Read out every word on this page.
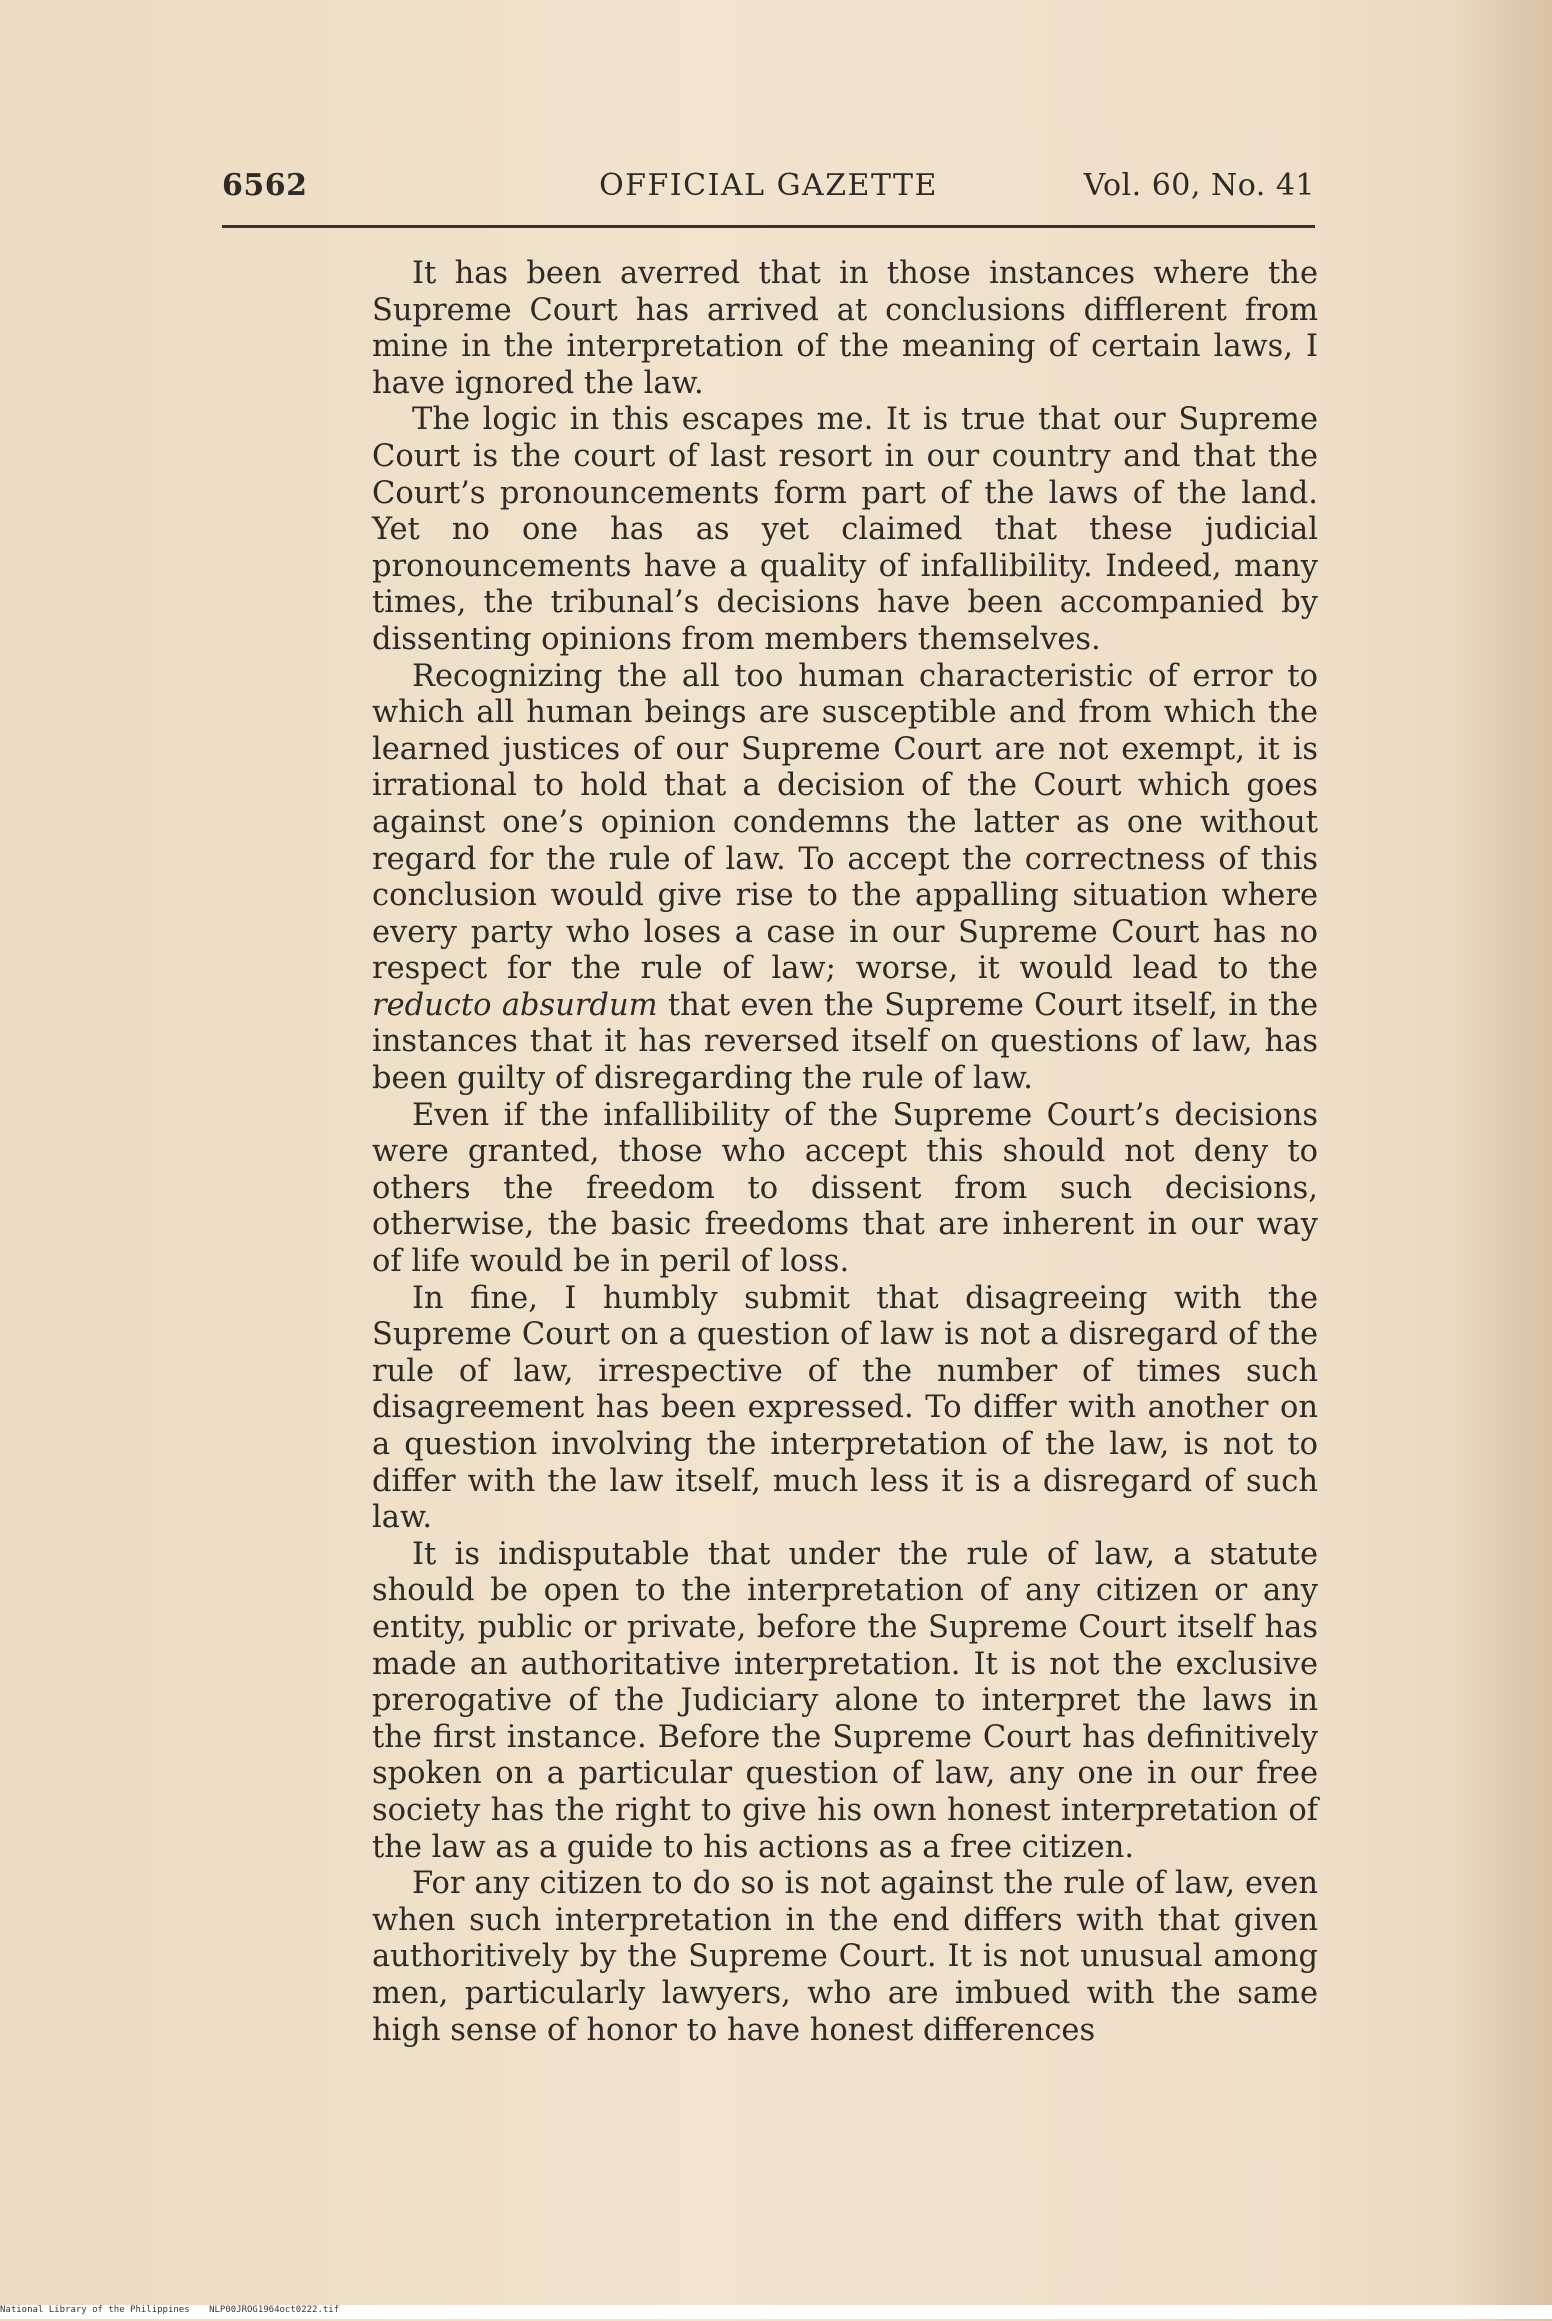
6562	OFFICIAL GAZETTE	Vol. 60, No. 41

It has been averred that in those instances where the Supreme Court has arrived at conclusions difflerent from mine in the interpretation of the meaning of certain laws, I have ignored the law.

The logic in this escapes me. It is true that our Supreme Court is the court of last resort in our country and that the Court’s pronouncements form part of the laws of the land. Yet no one has as yet claimed that these judicial pronouncements have a quality of infallibility. Indeed, many times, the tribunal’s decisions have been accompanied by dissenting opinions from members themselves.

Recognizing the all too human characteristic of error to which all human beings are susceptible and from which the learned justices of our Supreme Court are not exempt, it is irrational to hold that a decision of the Court which goes against one’s opinion condemns the latter as one without regard for the rule of law. To accept the correctness of this conclusion would give rise to the appalling situation where every party who loses a case in our Supreme Court has no respect for the rule of law; worse, it would lead to the reducto absurdum that even the Supreme Court itself, in the instances that it has reversed itself on questions of law, has been guilty of disregarding the rule of law.

Even if the infallibility of the Supreme Court’s decisions were granted, those who accept this should not deny to others the freedom to dissent from such decisions, otherwise, the basic freedoms that are inherent in our way of life would be in peril of loss.

In fine, I humbly submit that disagreeing with the Supreme Court on a question of law is not a disregard of the rule of law, irrespective of the number of times such disagreement has been expressed. To differ with another on a question involving the interpretation of the law, is not to differ with the law itself, much less it is a disregard of such law.

It is indisputable that under the rule of law, a statute should be open to the interpretation of any citizen or any entity, public or private, before the Supreme Court itself has made an authoritative interpretation. It is not the exclusive prerogative of the Judiciary alone to interpret the laws in the first instance. Before the Supreme Court has definitively spoken on a particular question of law, any one in our free society has the right to give his own honest interpretation of the law as a guide to his actions as a free citizen.

For any citizen to do so is not against the rule of law, even when such interpretation in the end differs with that given authoritively by the Supreme Court. It is not unusual among men, particularly lawyers, who are imbued with the same high sense of honor to have honest differences

National Library of the Philippines NLP00JROG1964oct0222.tif
